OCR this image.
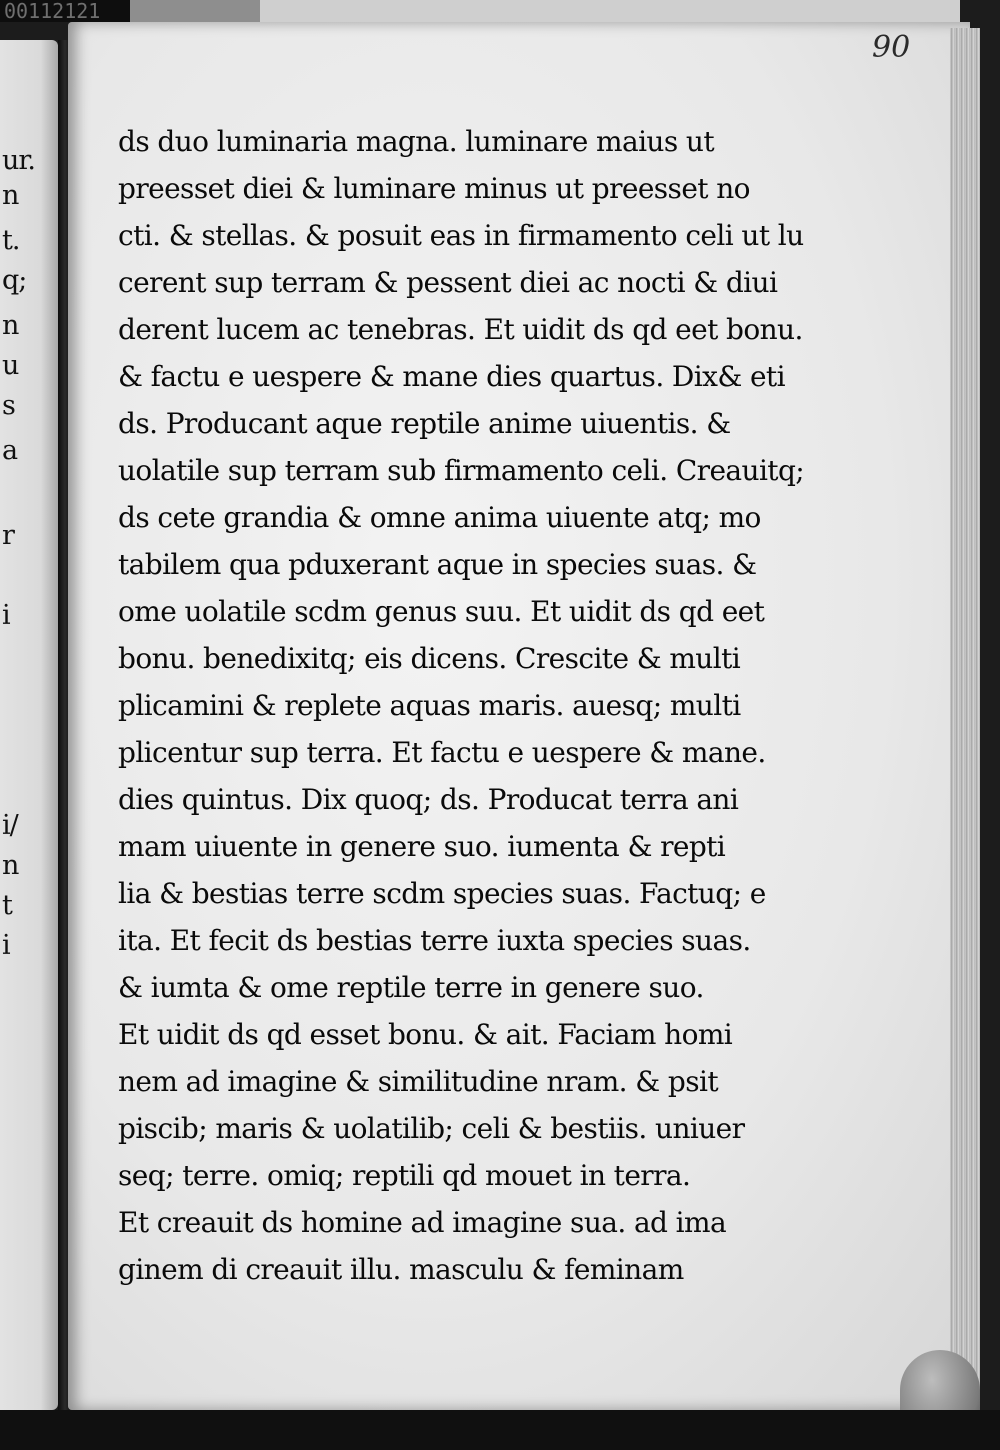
00112121

ur.

n

t.

q;

n

u

s

a

r

i

i/

n

t

i

90

ds duo luminaria magna. luminare maius ut

preesset diei & luminare minus ut preesset no

cti. & stellas. & posuit eas in firmamento celi ut lu

cerent sup terram & pessent diei ac nocti & diui

derent lucem ac tenebras. Et uidit ds qd eet bonu.

& factu e uespere & mane dies quartus. Dix& eti

ds. Producant aque reptile anime uiuentis. &

uolatile sup terram sub firmamento celi. Creauitq;

ds cete grandia & omne anima uiuente atq; mo

tabilem qua pduxerant aque in species suas. &

ome uolatile scdm genus suu. Et uidit ds qd eet

bonu. benedixitq; eis dicens. Crescite & multi

plicamini & replete aquas maris. auesq; multi

plicentur sup terra. Et factu e uespere & mane.

dies quintus. Dix quoq; ds. Producat terra ani

mam uiuente in genere suo. iumenta & repti

lia & bestias terre scdm species suas. Factuq; e

ita. Et fecit ds bestias terre iuxta species suas.

& iumta & ome reptile terre in genere suo.

Et uidit ds qd esset bonu. & ait. Faciam homi

nem ad imagine & similitudine nram. & psit

piscib; maris & uolatilib; celi & bestiis. uniuer

seq; terre. omiq; reptili qd mouet in terra.

Et creauit ds homine ad imagine sua. ad ima

ginem di creauit illu. masculu & feminam
